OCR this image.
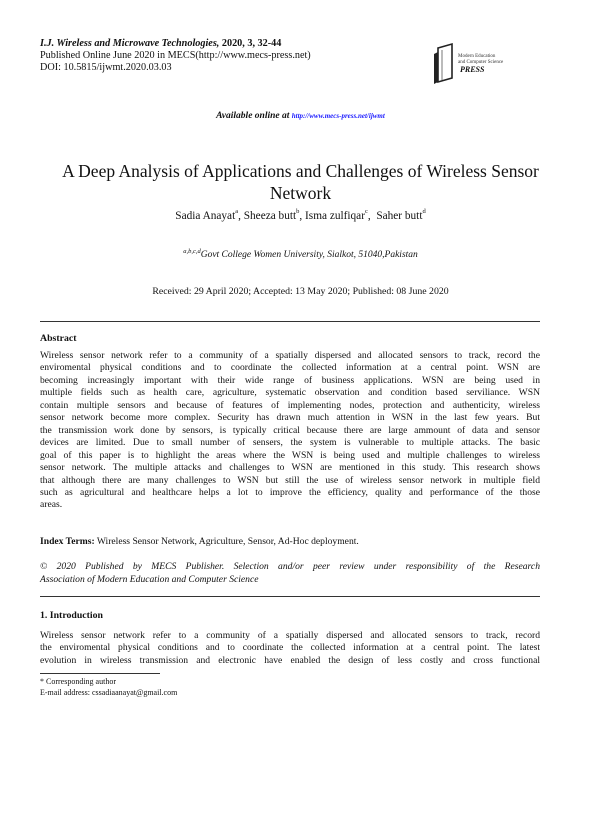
I.J. Wireless and Microwave Technologies, 2020, 3, 32-44
Published Online June 2020 in MECS(http://www.mecs-press.net)
DOI: 10.5815/ijwmt.2020.03.03
Modern Education
and Computer Science
PRESS
Available online at http://www.mecs-press.net/ijwmt
A Deep Analysis of Applications and Challenges of Wireless Sensor
Network
Sadia Anayat$^a$, Sheeza butt$^b$, Isma zulfiqar$^c$,  Saher butt$^d$
$^{a,b,c,d}$Govt College Women University, Sialkot, 51040,Pakistan
Received: 29 April 2020; Accepted: 13 May 2020; Published: 08 June 2020
Abstract
Wireless sensor network refer to a community of a spatially dispersed and allocated sensors to track, record the
enviromental physical conditions and to coordinate the collected information at a central point. WSN are
becoming increasingly important with their wide range of business applications. WSN are being used in
multiple fields such as health care, agriculture, systematic observation and condition based serviliance. WSN
contain multiple sensors and because of features of implementing nodes, protection and authenticity, wireless
sensor network become more complex. Security has drawn much attention in WSN in the last few years. But
the transmission work done by sensors, is typically critical because there are large ammount of data and sensor
devices are limited. Due to small number of sensers, the system is vulnerable to multiple attacks. The basic
goal of this paper is to highlight the areas where the WSN is being used and multiple challenges to wireless
sensor network. The multiple attacks and challenges to WSN are mentioned in this study. This research shows
that although there are many challenges to WSN but still the use of wireless sensor network in multiple field
such as agricultural and healthcare helps a lot to improve the efficiency, quality and performance of the those
areas.
Index Terms: Wireless Sensor Network, Agriculture, Sensor, Ad-Hoc deployment.
© 2020 Published by MECS Publisher. Selection and/or peer review under responsibility of the Research
Association of Modern Education and Computer Science
1. Introduction
Wireless sensor network refer to a community of a spatially dispersed and allocated sensors to track, record
the enviromental physical conditions and to coordinate the collected information at a central point. The latest
evolution in wireless transmission and electronic have enabled the design of less costly and cross functional
* Corresponding author
E-mail address: cssadiaanayat@gmail.com
